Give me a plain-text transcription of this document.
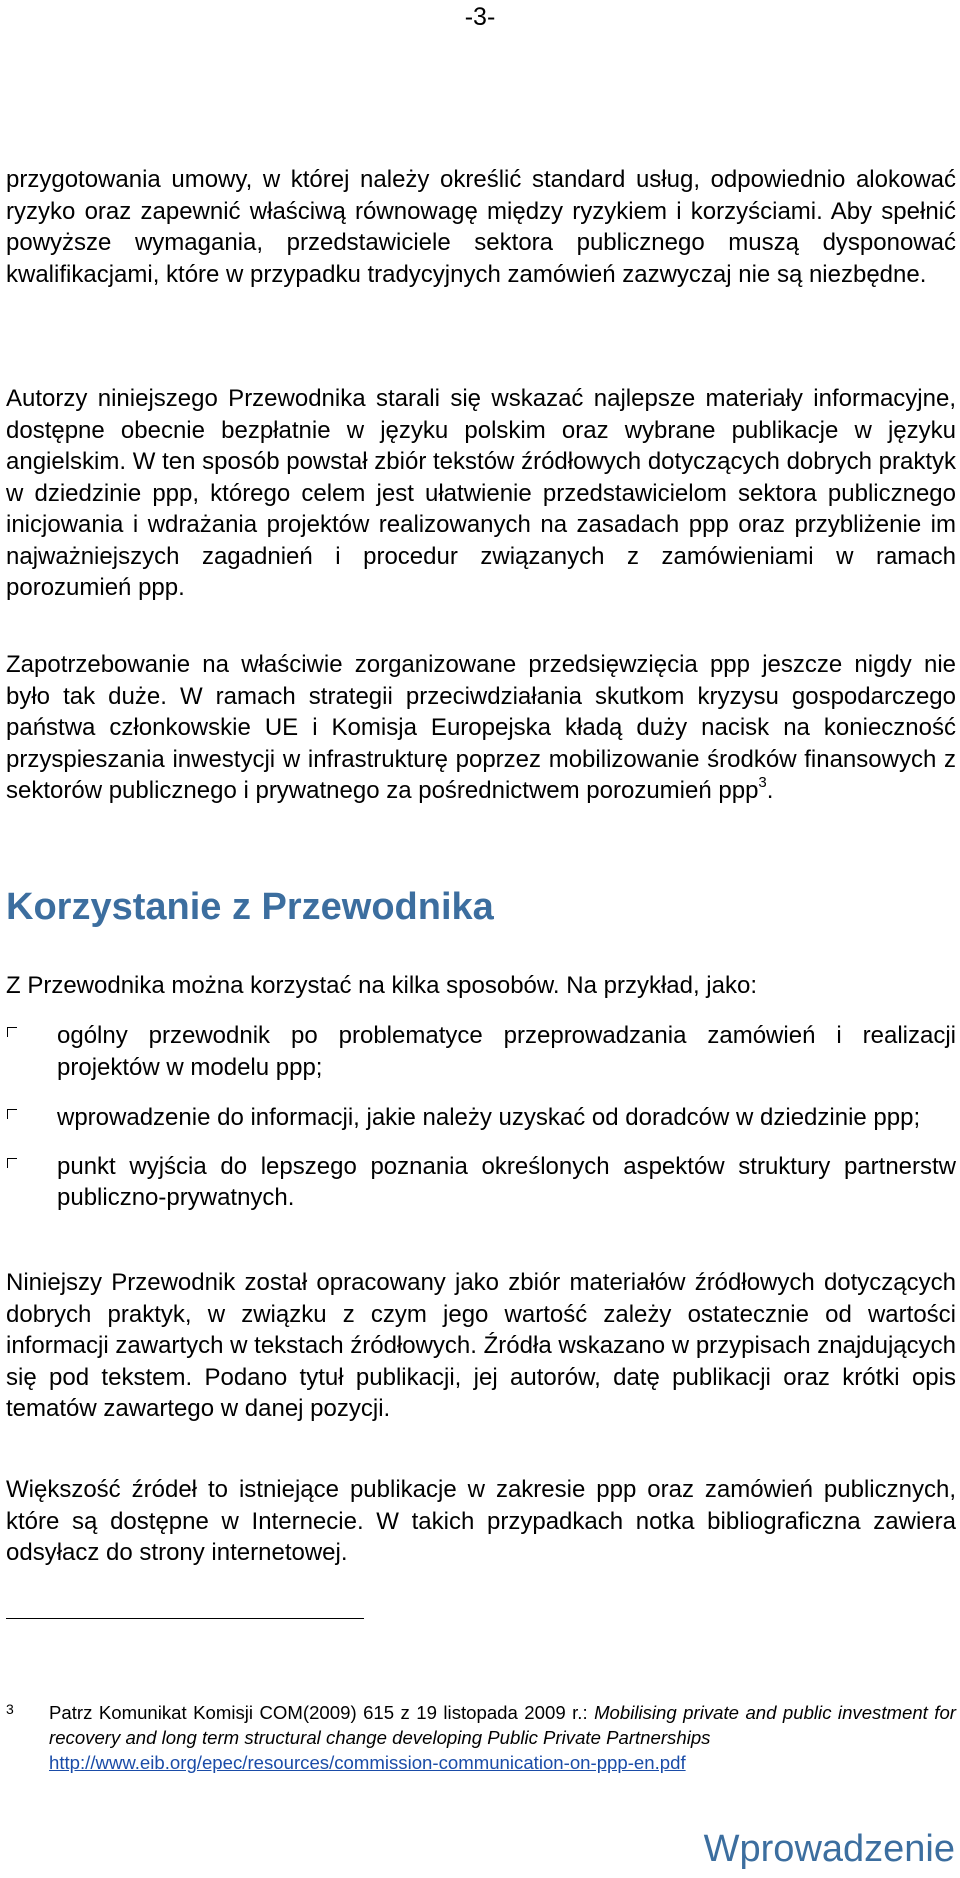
-3-

przygotowania umowy, w której należy określić standard usług, odpowiednio alokować ryzyko oraz zapewnić właściwą równowagę między ryzykiem i korzyściami. Aby spełnić powyższe wymagania, przedstawiciele sektora publicznego muszą dysponować kwalifikacjami, które w przypadku tradycyjnych zamówień zazwyczaj nie są niezbędne.

Autorzy niniejszego Przewodnika starali się wskazać najlepsze materiały informacyjne, dostępne obecnie bezpłatnie w języku polskim oraz wybrane publikacje w języku angielskim. W ten sposób powstał zbiór tekstów źródłowych dotyczących dobrych praktyk w dziedzinie ppp, którego celem jest ułatwienie przedstawicielom sektora publicznego inicjowania i wdrażania projektów realizowanych na zasadach ppp oraz przybliżenie im najważniejszych zagadnień i procedur związanych z zamówieniami w ramach porozumień ppp.

Zapotrzebowanie na właściwie zorganizowane przedsięwzięcia ppp jeszcze nigdy nie było tak duże. W ramach strategii przeciwdziałania skutkom kryzysu gospodarczego państwa członkowskie UE i Komisja Europejska kładą duży nacisk na konieczność przyspieszania inwestycji w infrastrukturę poprzez mobilizowanie środków finansowych z sektorów publicznego i prywatnego za pośrednictwem porozumień ppp$^3$.

Korzystanie z Przewodnika

Z Przewodnika można korzystać na kilka sposobów. Na przykład, jako:

ogólny przewodnik po problematyce przeprowadzania zamówień i realizacji projektów w modelu ppp;

wprowadzenie do informacji, jakie należy uzyskać od doradców w dziedzinie ppp;

punkt wyjścia do lepszego poznania określonych aspektów struktury partnerstw publiczno-prywatnych.

Niniejszy Przewodnik został opracowany jako zbiór materiałów źródłowych dotyczących dobrych praktyk, w związku z czym jego wartość zależy ostatecznie od wartości informacji zawartych w tekstach źródłowych. Źródła wskazano w przypisach znajdujących się pod tekstem. Podano tytuł publikacji, jej autorów, datę publikacji oraz krótki opis tematów zawartego w danej pozycji.

Większość źródeł to istniejące publikacje w zakresie ppp oraz zamówień publicznych, które są dostępne w Internecie. W takich przypadkach notka bibliograficzna zawiera odsyłacz do strony internetowej.

3 Patrz Komunikat Komisji COM(2009) 615 z 19 listopada 2009 r.: Mobilising private and public investment for recovery and long term structural change developing Public Private Partnerships
http://www.eib.org/epec/resources/commission-communication-on-ppp-en.pdf

Wprowadzenie
